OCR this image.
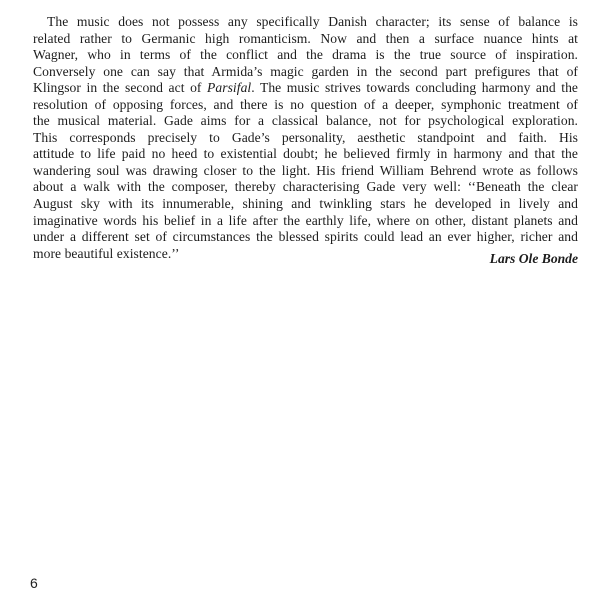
The music does not possess any specifically Danish character; its sense of balance is
related rather to Germanic high romanticism. Now and then a surface nuance hints at
Wagner, who in terms of the conflict and the drama is the true source of inspiration.
Conversely one can say that Armida’s magic garden in the second part prefigures that of
Klingsor in the second act of Parsifal. The music strives towards concluding harmony and the
resolution of opposing forces, and there is no question of a deeper, symphonic treatment of
the musical material. Gade aims for a classical balance, not for psychological exploration.
This corresponds precisely to Gade’s personality, aesthetic standpoint and faith. His
attitude to life paid no heed to existential doubt; he believed firmly in harmony and that the
wandering soul was drawing closer to the light. His friend William Behrend wrote as follows
about a walk with the composer, thereby characterising Gade very well: ‘‘Beneath the clear
August sky with its innumerable, shining and twinkling stars he developed in lively and
imaginative words his belief in a life after the earthly life, where on other, distant planets and
under a different set of circumstances the blessed spirits could lead an ever higher, richer and
more beautiful existence.’’	Lars Ole Bonde
6
